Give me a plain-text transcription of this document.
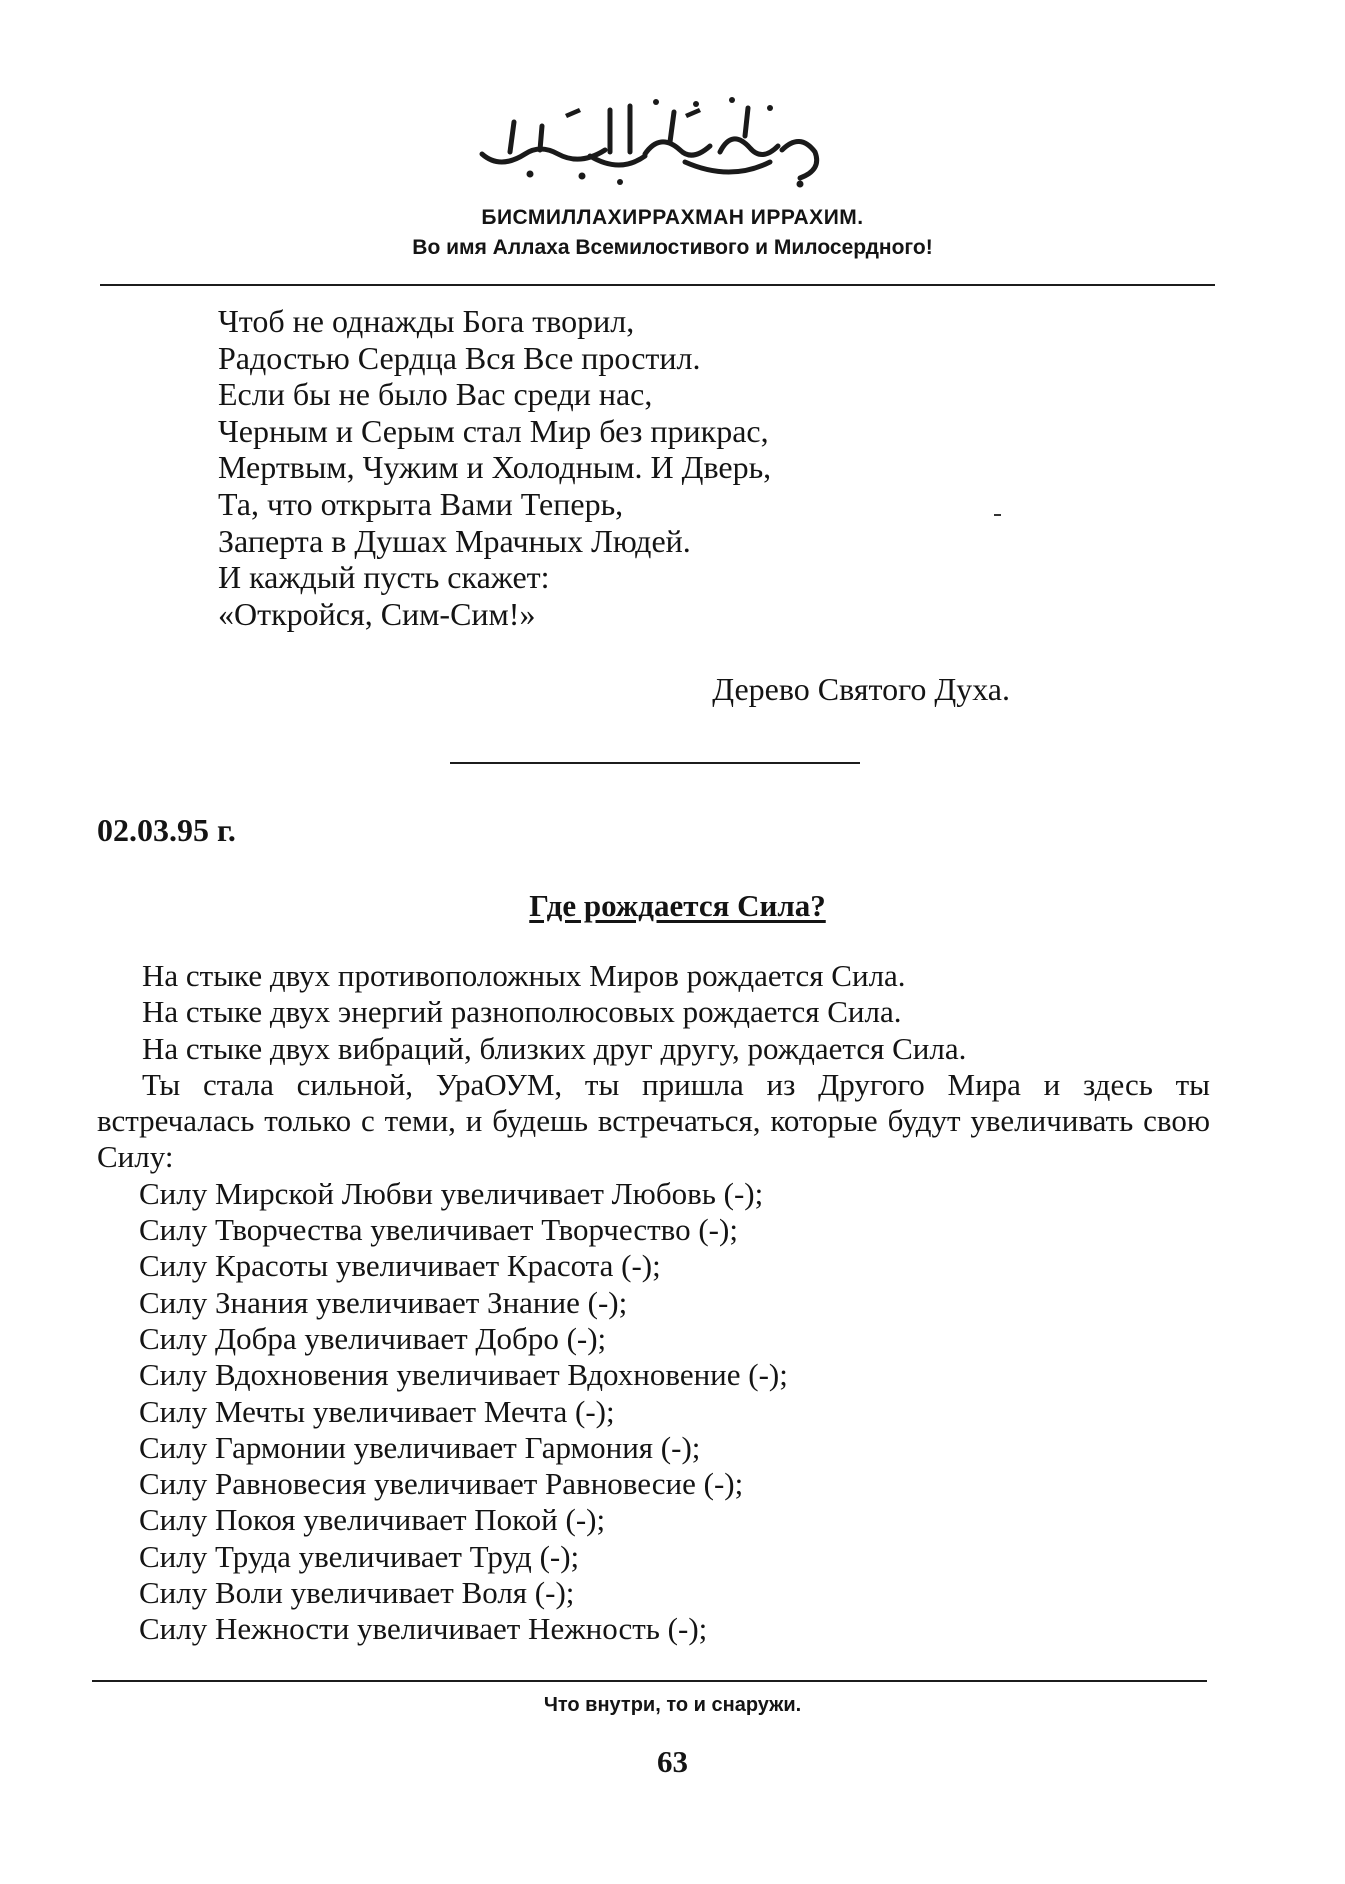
БИСМИЛЛАХИРРАХМАН ИРРАХИМ.
Во имя Аллаха Всемилостивого и Милосердного!
Чтоб не однажды Бога творил,
Радостью Сердца Вся Все простил.
Если бы не было Вас среди нас,
Черным и Серым стал Мир без прикрас,
Мертвым, Чужим и Холодным. И Дверь,
Та, что открыта Вами Теперь,
Заперта в Душах Мрачных Людей.
И каждый пусть скажет:
«Откройся, Сим-Сим!»
Дерево Святого Духа.
02.03.95 г.
Где рождается Сила?
На стыке двух противоположных Миров рождается Сила.
На стыке двух энергий разнополюсовых рождается Сила.
На стыке двух вибраций, близких друг другу, рождается Сила.
Ты стала сильной, УраОУМ, ты пришла из Другого Мира и здесь ты встречалась только с теми, и будешь встречаться, которые будут увеличивать свою Силу:
Силу Мирской Любви увеличивает Любовь (-);
Силу Творчества увеличивает Творчество (-);
Силу Красоты увеличивает Красота (-);
Силу Знания увеличивает Знание (-);
Силу Добра увеличивает Добро (-);
Силу Вдохновения увеличивает Вдохновение (-);
Силу Мечты увеличивает Мечта (-);
Силу Гармонии увеличивает Гармония (-);
Силу Равновесия увеличивает Равновесие (-);
Силу Покоя увеличивает Покой (-);
Силу Труда увеличивает Труд (-);
Силу Воли увеличивает Воля (-);
Силу Нежности увеличивает Нежность (-);
Что внутри, то и снаружи.
63
